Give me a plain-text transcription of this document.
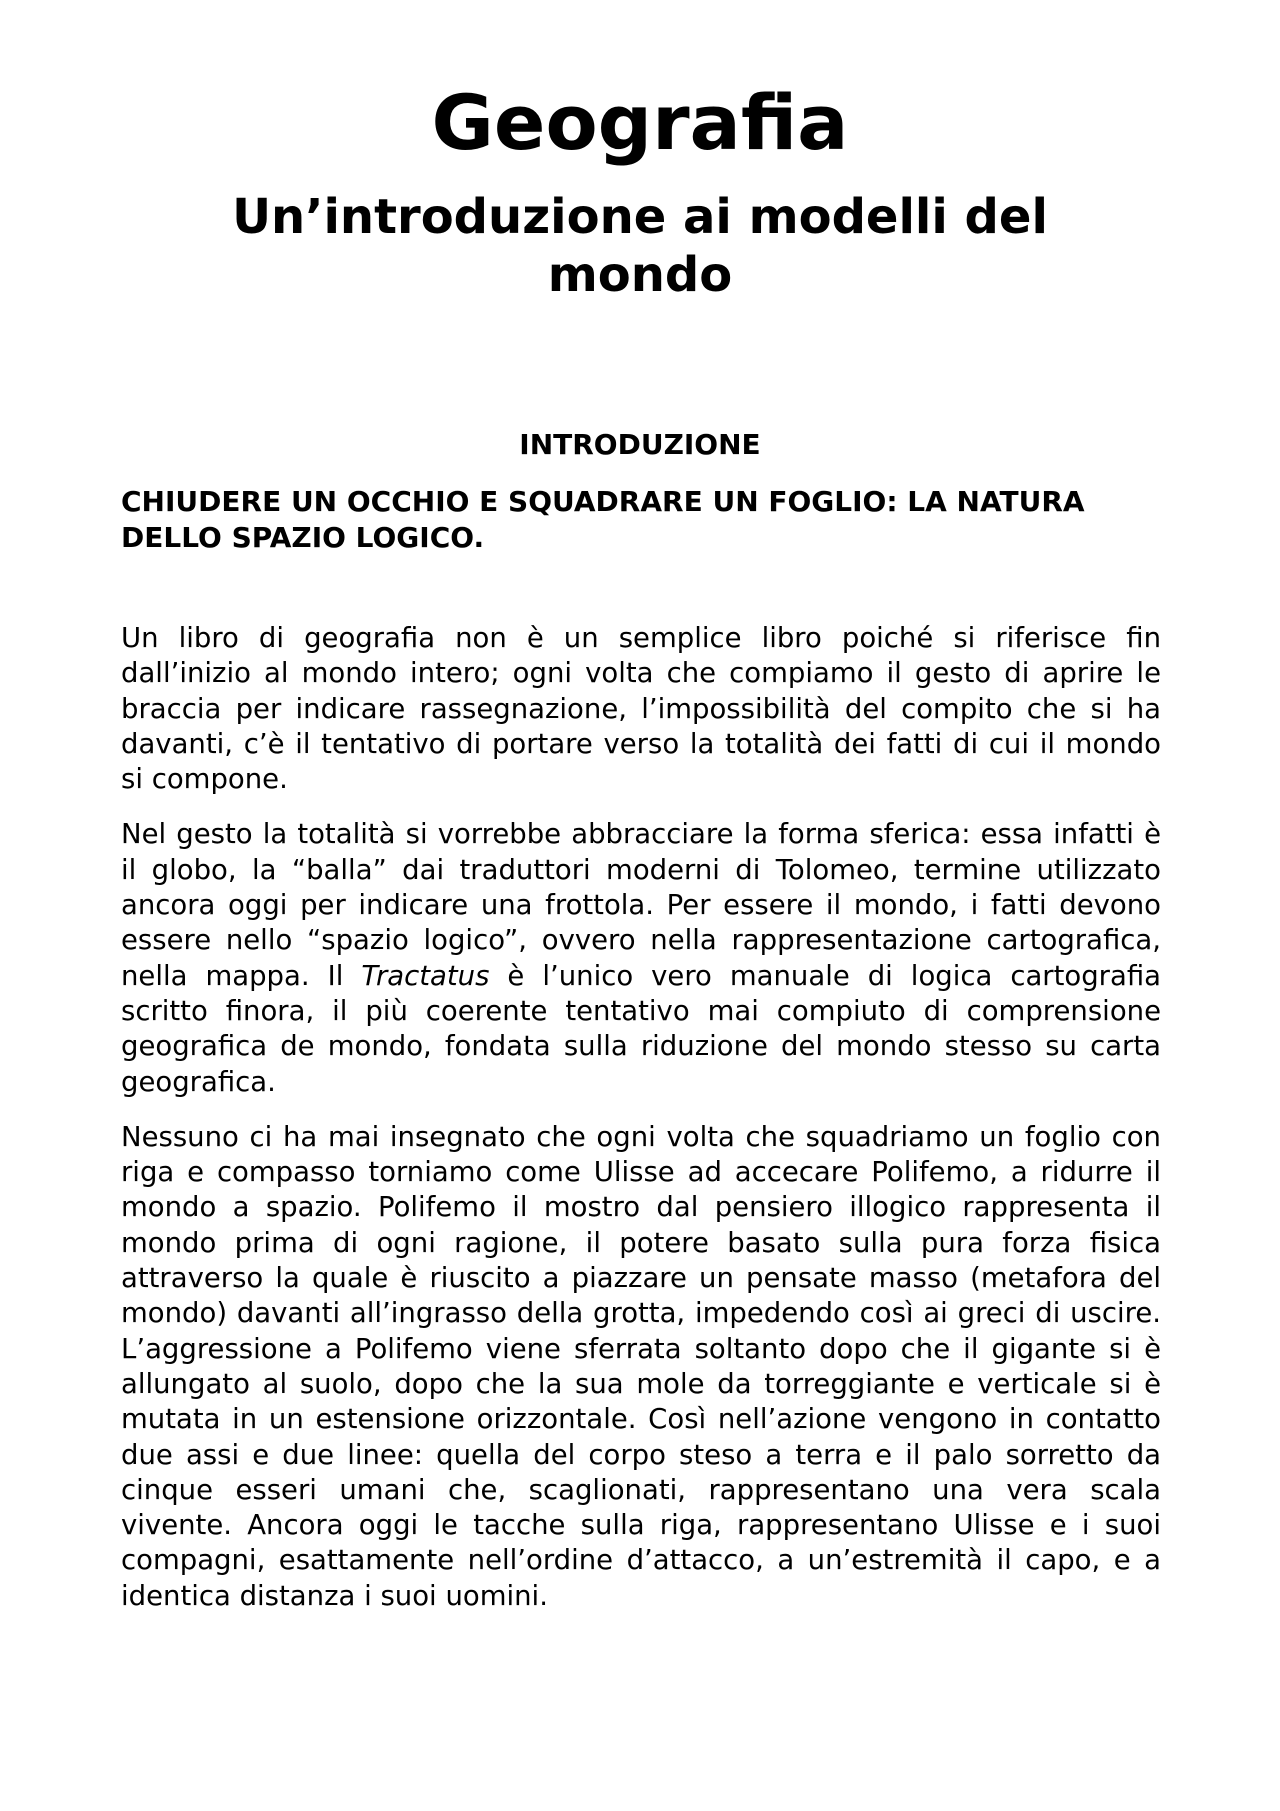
Geografia
Un’introduzione ai modelli del mondo
INTRODUZIONE
CHIUDERE UN OCCHIO E SQUADRARE UN FOGLIO: LA NATURA DELLO SPAZIO LOGICO.

Un libro di geografia non è un semplice libro poiché si riferisce fin dall’inizio al mondo intero; ogni volta che compiamo il gesto di aprire le braccia per indicare rassegnazione, l’impossibilità del compito che si ha davanti, c’è il tentativo di portare verso la totalità dei fatti di cui il mondo si compone.

Nel gesto la totalità si vorrebbe abbracciare la forma sferica: essa infatti è il globo, la “balla” dai traduttori moderni di Tolomeo, termine utilizzato ancora oggi per indicare una frottola. Per essere il mondo, i fatti devono essere nello “spazio logico”, ovvero nella rappresentazione cartografica, nella mappa. Il Tractatus è l’unico vero manuale di logica cartografia scritto finora, il più coerente tentativo mai compiuto di comprensione geografica de mondo, fondata sulla riduzione del mondo stesso su carta geografica.

Nessuno ci ha mai insegnato che ogni volta che squadriamo un foglio con riga e compasso torniamo come Ulisse ad accecare Polifemo, a ridurre il mondo a spazio. Polifemo il mostro dal pensiero illogico rappresenta il mondo prima di ogni ragione, il potere basato sulla pura forza fisica attraverso la quale è riuscito a piazzare un pensate masso (metafora del mondo) davanti all’ingrasso della grotta, impedendo così ai greci di uscire. L’aggressione a Polifemo viene sferrata soltanto dopo che il gigante si è allungato al suolo, dopo che la sua mole da torreggiante e verticale si è mutata in un estensione orizzontale. Così nell’azione vengono in contatto due assi e due linee: quella del corpo steso a terra e il palo sorretto da cinque esseri umani che, scaglionati, rappresentano una vera scala vivente. Ancora oggi le tacche sulla riga, rappresentano Ulisse e i suoi compagni, esattamente nell’ordine d’attacco, a un’estremità il capo, e a identica distanza i suoi uomini.
